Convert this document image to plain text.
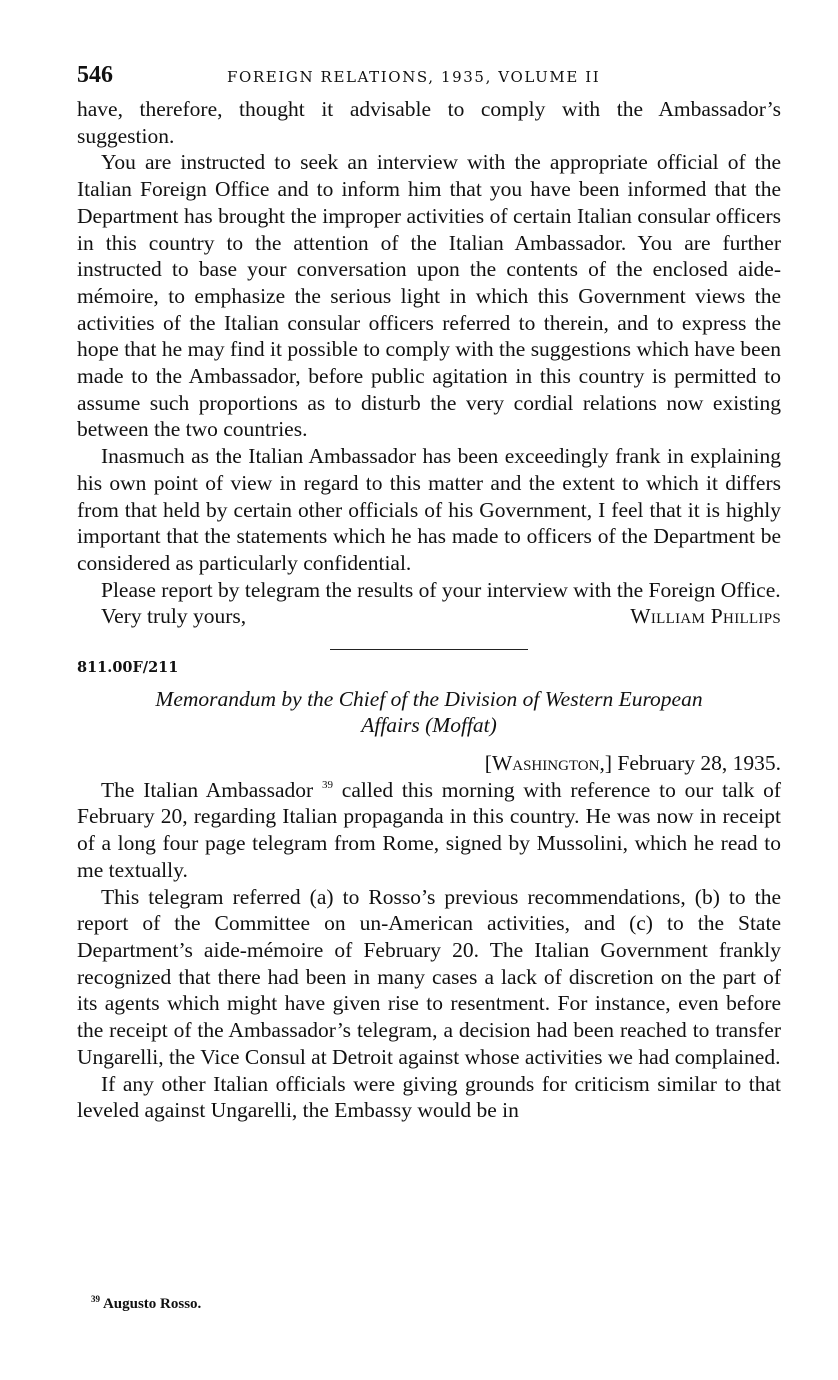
546	FOREIGN RELATIONS, 1935, VOLUME II

have, therefore, thought it advisable to comply with the Ambassador’s suggestion.

You are instructed to seek an interview with the appropriate official of the Italian Foreign Office and to inform him that you have been informed that the Department has brought the improper activities of certain Italian consular officers in this country to the attention of the Italian Ambassador. You are further instructed to base your conversation upon the contents of the enclosed aide-mémoire, to emphasize the serious light in which this Government views the activities of the Italian consular officers referred to therein, and to express the hope that he may find it possible to comply with the suggestions which have been made to the Ambassador, before public agitation in this country is permitted to assume such proportions as to disturb the very cordial relations now existing between the two countries.

Inasmuch as the Italian Ambassador has been exceedingly frank in explaining his own point of view in regard to this matter and the extent to which it differs from that held by certain other officials of his Government, I feel that it is highly important that the statements which he has made to officers of the Department be considered as particularly confidential.

Please report by telegram the results of your interview with the Foreign Office.

Very truly yours,	William Phillips
811.00F/211
Memorandum by the Chief of the Division of Western European
Affairs (Moffat)
[Washington,] February 28, 1935.

The Italian Ambassador $^{39}$ called this morning with reference to our talk of February 20, regarding Italian propaganda in this country. He was now in receipt of a long four page telegram from Rome, signed by Mussolini, which he read to me textually.

This telegram referred (a) to Rosso’s previous recommendations, (b) to the report of the Committee on un-American activities, and (c) to the State Department’s aide-mémoire of February 20. The Italian Government frankly recognized that there had been in many cases a lack of discretion on the part of its agents which might have given rise to resentment. For instance, even before the receipt of the Ambassador’s telegram, a decision had been reached to transfer Ungarelli, the Vice Consul at Detroit against whose activities we had complained.

If any other Italian officials were giving grounds for criticism similar to that leveled against Ungarelli, the Embassy would be in

$^{39}$ Augusto Rosso.
